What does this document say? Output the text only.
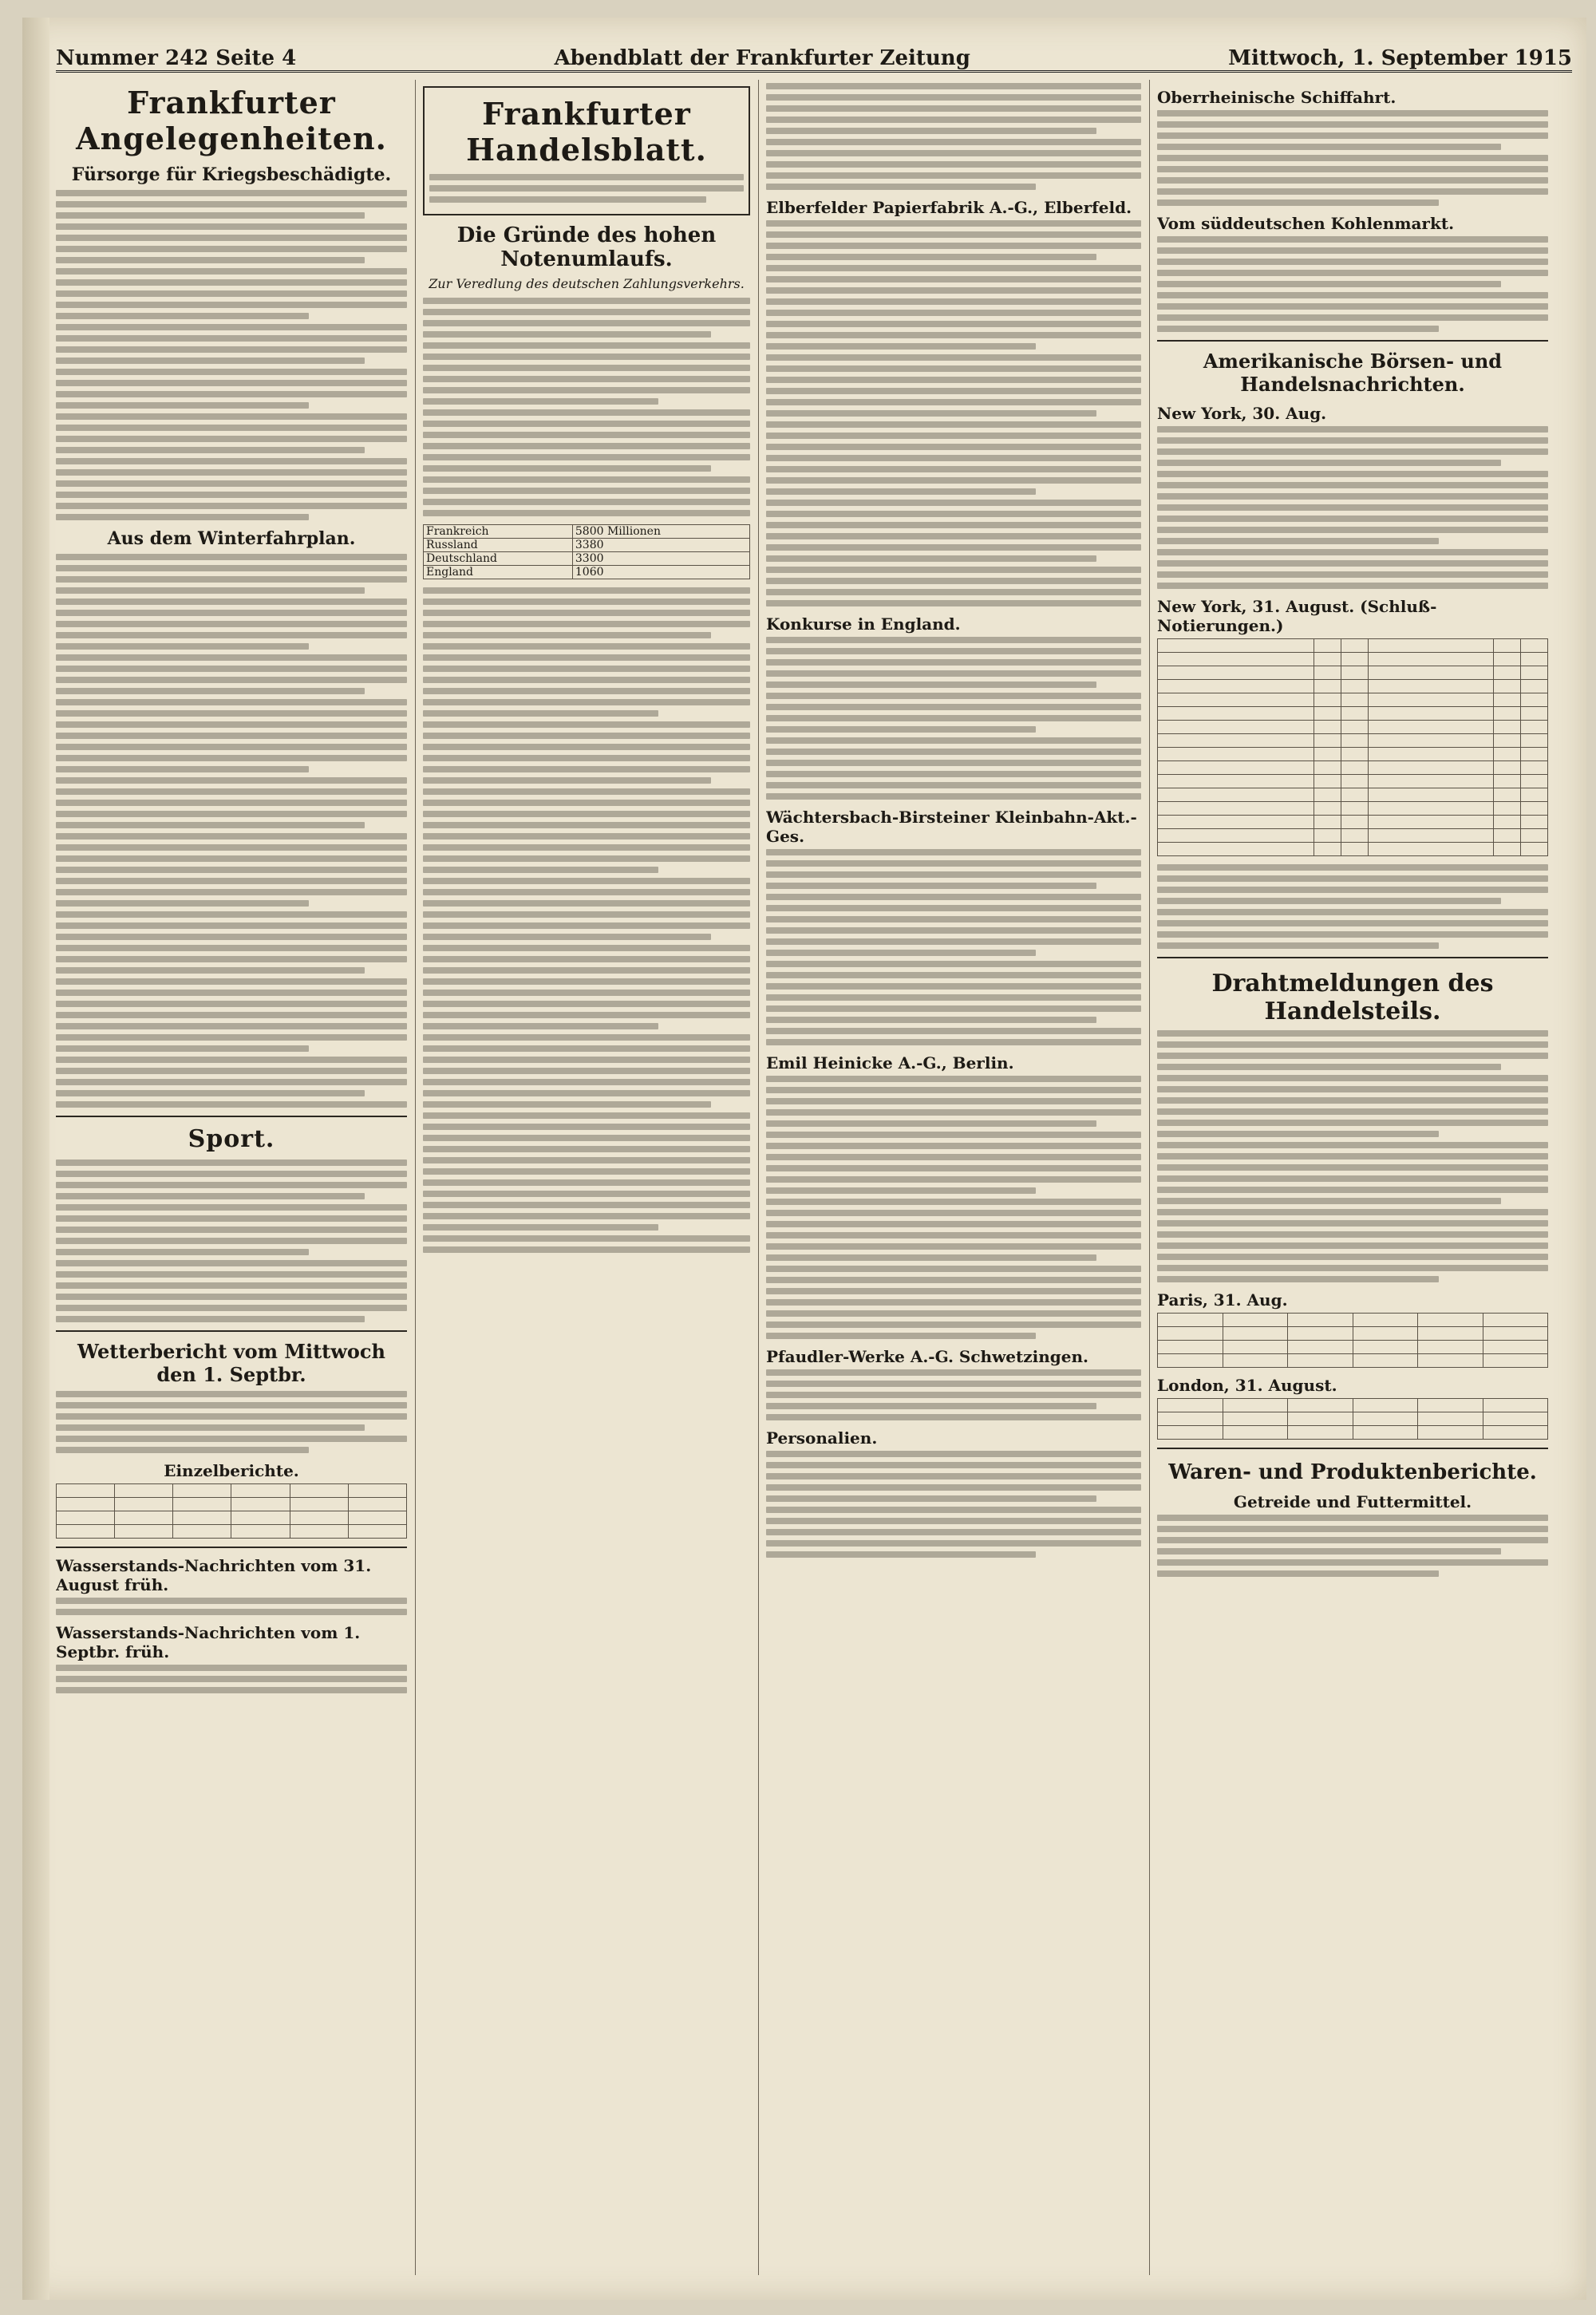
Nummer 242 Seite 4	Abendblatt der Frankfurter Zeitung	Mittwoch, 1. September 1915
Frankfurter Angelegenheiten.
Fürsorge für Kriegsbeschädigte.
Aus dem Winterfahrplan.
Sport.
Wetterbericht vom Mittwoch den 1. Septbr.
Einzelberichte.

Wasserstands-Nachrichten vom 31. August früh.
Wasserstands-Nachrichten vom 1. Septbr. früh.
Frankfurter Handelsblatt.
Die Gründe des hohen Notenumlaufs.
Zur Veredlung des deutschen Zahlungsverkehrs.
Frankreich	5800 Millionen
Russland	3380
Deutschland	3300
England	1060
Elberfelder Papierfabrik A.-G., Elberfeld.
Konkurse in England.
Wächtersbach-Birsteiner Kleinbahn-Akt.-Ges.
Emil Heinicke A.-G., Berlin.
Pfaudler-Werke A.-G. Schwetzingen.
Personalien.
Oberrheinische Schiffahrt.
Vom süddeutschen Kohlenmarkt.
Amerikanische Börsen- und Handelsnachrichten.
New York, 30. Aug.
New York, 31. August. (Schluß-Notierungen.)

Drahtmeldungen des Handelsteils.
Paris, 31. Aug.

London, 31. August.

Waren- und Produktenberichte.
Getreide und Futtermittel.
